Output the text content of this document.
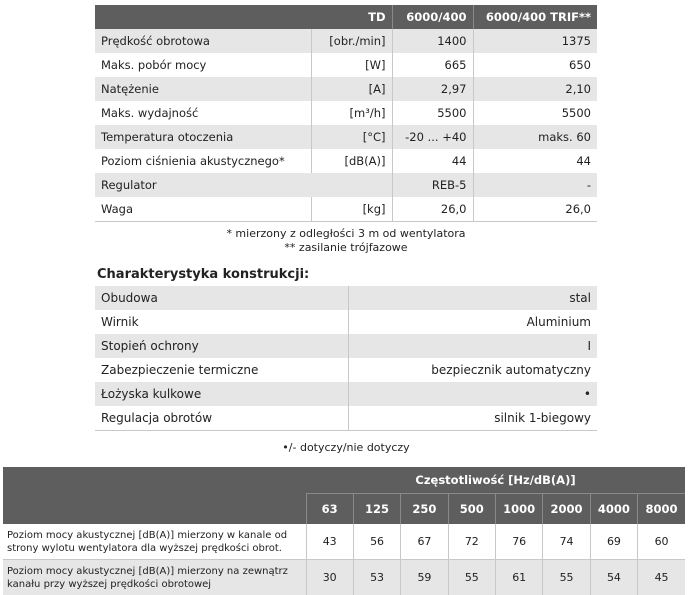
	TD	6000/400	6000/400 TRIF**
Prędkość obrotowa	[obr./min]	1400	1375
Maks. pobór mocy	[W]	665	650
Natężenie	[A]	2,97	2,10
Maks. wydajność	[m³/h]	5500	5500
Temperatura otoczenia	[°C]	-20 ... +40	maks. 60
Poziom ciśnienia akustycznego*	[dB(A)]	44	44
Regulator		REB-5	-
Waga	[kg]	26,0	26,0
* mierzony z odległości 3 m od wentylatora
** zasilanie trójfazowe
Charakterystyka konstrukcji:
Obudowa	stal
Wirnik	Aluminium
Stopień ochrony	I
Zabezpieczenie termiczne	bezpiecznik automatyczny
Łożyska kulkowe	•
Regulacja obrotów	silnik 1-biegowy
•/- dotyczy/nie dotyczy
	Częstotliwość [Hz/dB(A)]							
	63	125	250	500	1000	2000	4000	8000
Poziom mocy akustycznej [dB(A)] mierzony w kanale od strony wylotu wentylatora dla wyższej prędkości obrot.	43	56	67	72	76	74	69	60
Poziom mocy akustycznej [dB(A)] mierzony na zewnątrz kanału przy wyższej prędkości obrotowej	30	53	59	55	61	55	54	45
